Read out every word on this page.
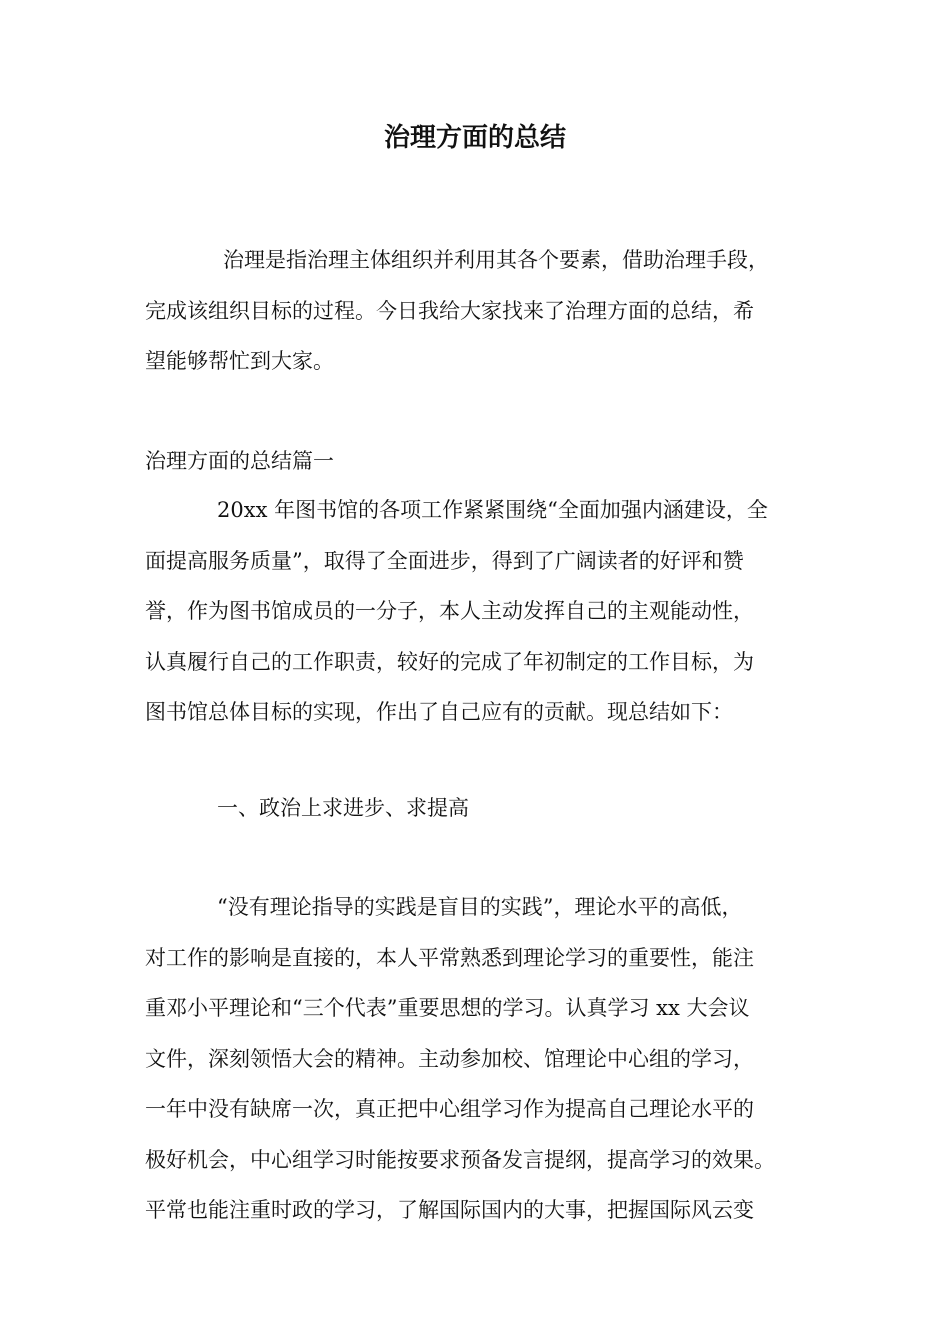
治理方面的总结
治理是指治理主体组织并利用其各个要素，借助治理手段，
完成该组织目标的过程。今日我给大家找来了治理方面的总结，希
望能够帮忙到大家。
治理方面的总结篇一
20xx 年图书馆的各项工作紧紧围绕“全面加强内涵建设，全
面提高服务质量”，取得了全面进步，得到了广阔读者的好评和赞
誉，作为图书馆成员的一分子，本人主动发挥自己的主观能动性，
认真履行自己的工作职责，较好的完成了年初制定的工作目标，为
图书馆总体目标的实现，作出了自己应有的贡献。现总结如下：
一、政治上求进步、求提高
“没有理论指导的实践是盲目的实践”，理论水平的高低，
对工作的影响是直接的，本人平常熟悉到理论学习的重要性，能注
重邓小平理论和“三个代表”重要思想的学习。认真学习 xx 大会议
文件，深刻领悟大会的精神。主动参加校、馆理论中心组的学习，
一年中没有缺席一次，真正把中心组学习作为提高自己理论水平的
极好机会，中心组学习时能按要求预备发言提纲，提高学习的效果。
平常也能注重时政的学习，了解国际国内的大事，把握国际风云变
